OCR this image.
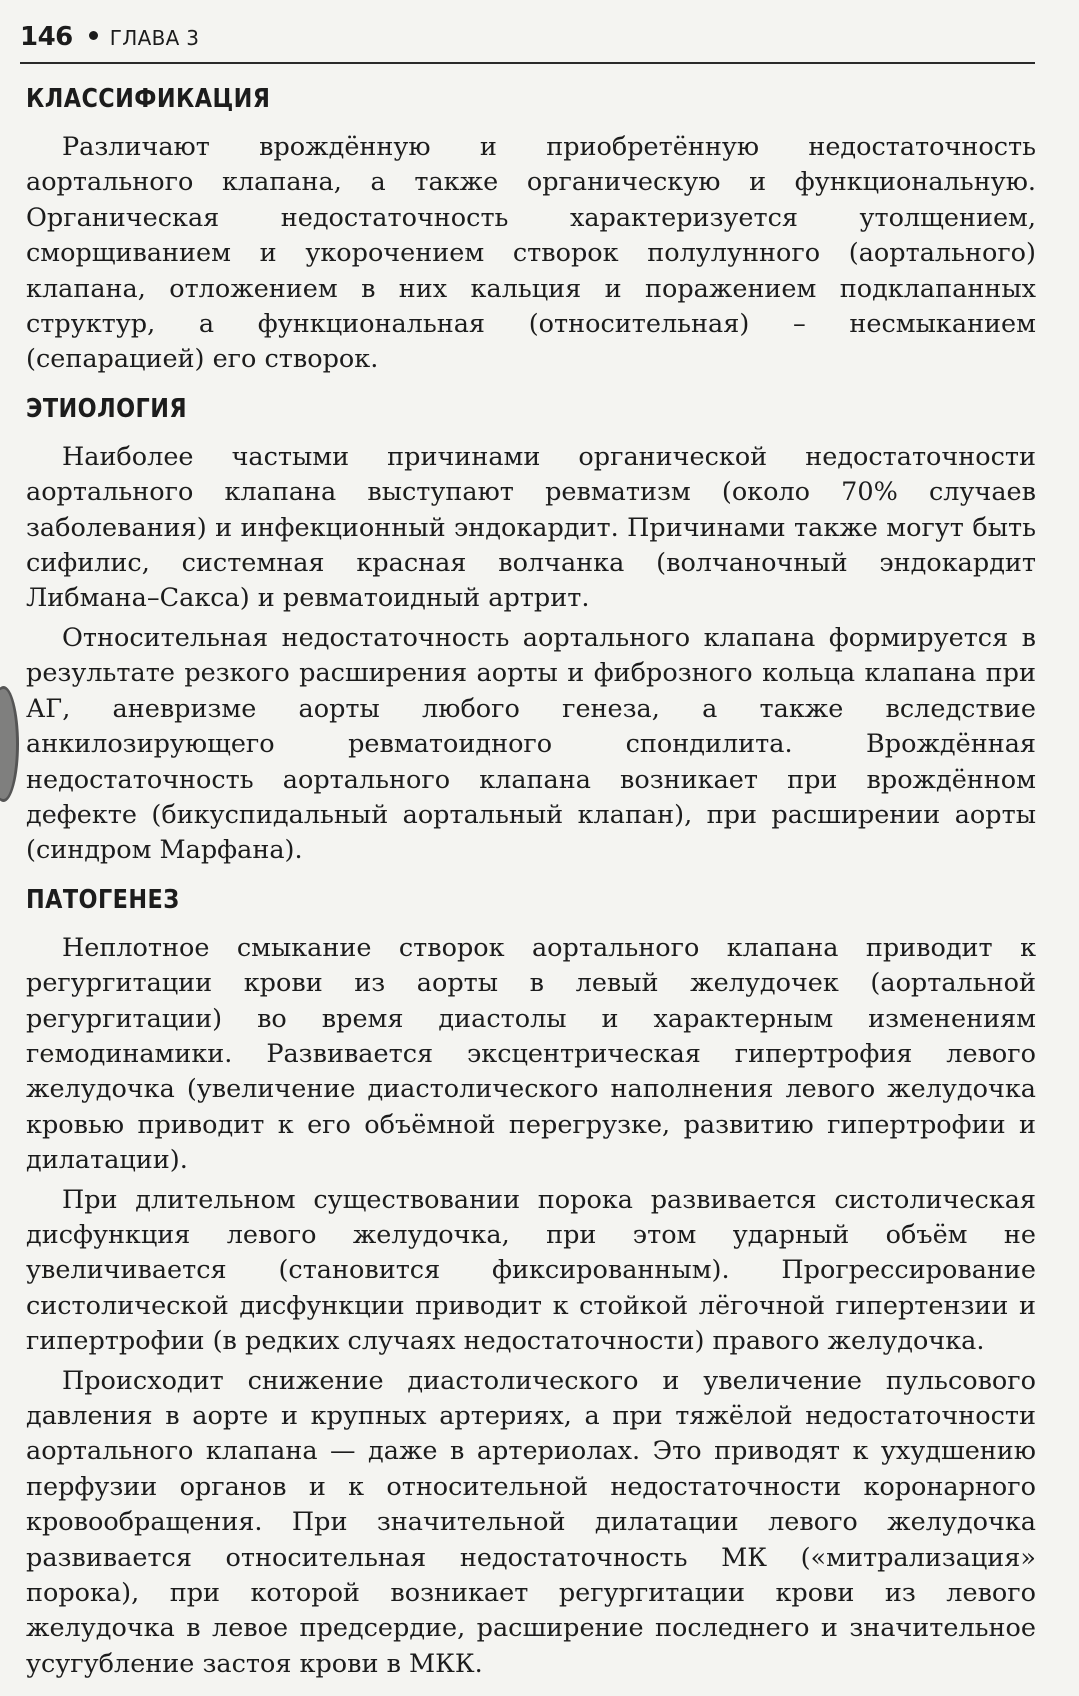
146 ГЛАВА 3
КЛАССИФИКАЦИЯ

Различают врождённую и приобретённую недостаточность аортального клапана, а также органическую и функциональную. Органическая недостаточность характеризуется утолщением, сморщиванием и укорочением створок полулунного (аортального) клапана, отложением в них кальция и поражением подклапанных структур, а функциональная (относительная) – несмыканием (сепарацией) его створок.

ЭТИОЛОГИЯ

Наиболее частыми причинами органической недостаточности аортального клапана выступают ревматизм (около 70% случаев заболевания) и инфекционный эндокардит. Причинами также могут быть сифилис, системная красная волчанка (волчаночный эндокардит Либмана–Сакса) и ревматоидный артрит.

Относительная недостаточность аортального клапана формируется в результате резкого расширения аорты и фиброзного кольца клапана при АГ, аневризме аорты любого генеза, а также вследствие анкилозирующего ревматоидного спондилита. Врождённая недостаточность аортального клапана возникает при врождённом дефекте (бикуспидальный аортальный клапан), при расширении аорты (синдром Марфана).

ПАТОГЕНЕЗ

Неплотное смыкание створок аортального клапана приводит к регургитации крови из аорты в левый желудочек (аортальной регургитации) во время диастолы и характерным изменениям гемодинамики. Развивается эксцентрическая гипертрофия левого желудочка (увеличение диастолического наполнения левого желудочка кровью приводит к его объёмной перегрузке, развитию гипертрофии и дилатации).

При длительном существовании порока развивается систолическая дисфункция левого желудочка, при этом ударный объём не увеличивается (становится фиксированным). Прогрессирование систолической дисфункции приводит к стойкой лёгочной гипертензии и гипертрофии (в редких случаях недостаточности) правого желудочка.

Происходит снижение диастолического и увеличение пульсового давления в аорте и крупных артериях, а при тяжёлой недостаточности аортального клапана — даже в артериолах. Это приводят к ухудшению перфузии органов и к относительной недостаточности коронарного кровообращения. При значительной дилатации левого желудочка развивается относительная недостаточность МК («митрализация» порока), при которой возникает регургитации крови из левого желудочка в левое предсердие, расширение последнего и значительное усугубление застоя крови в МКК.
